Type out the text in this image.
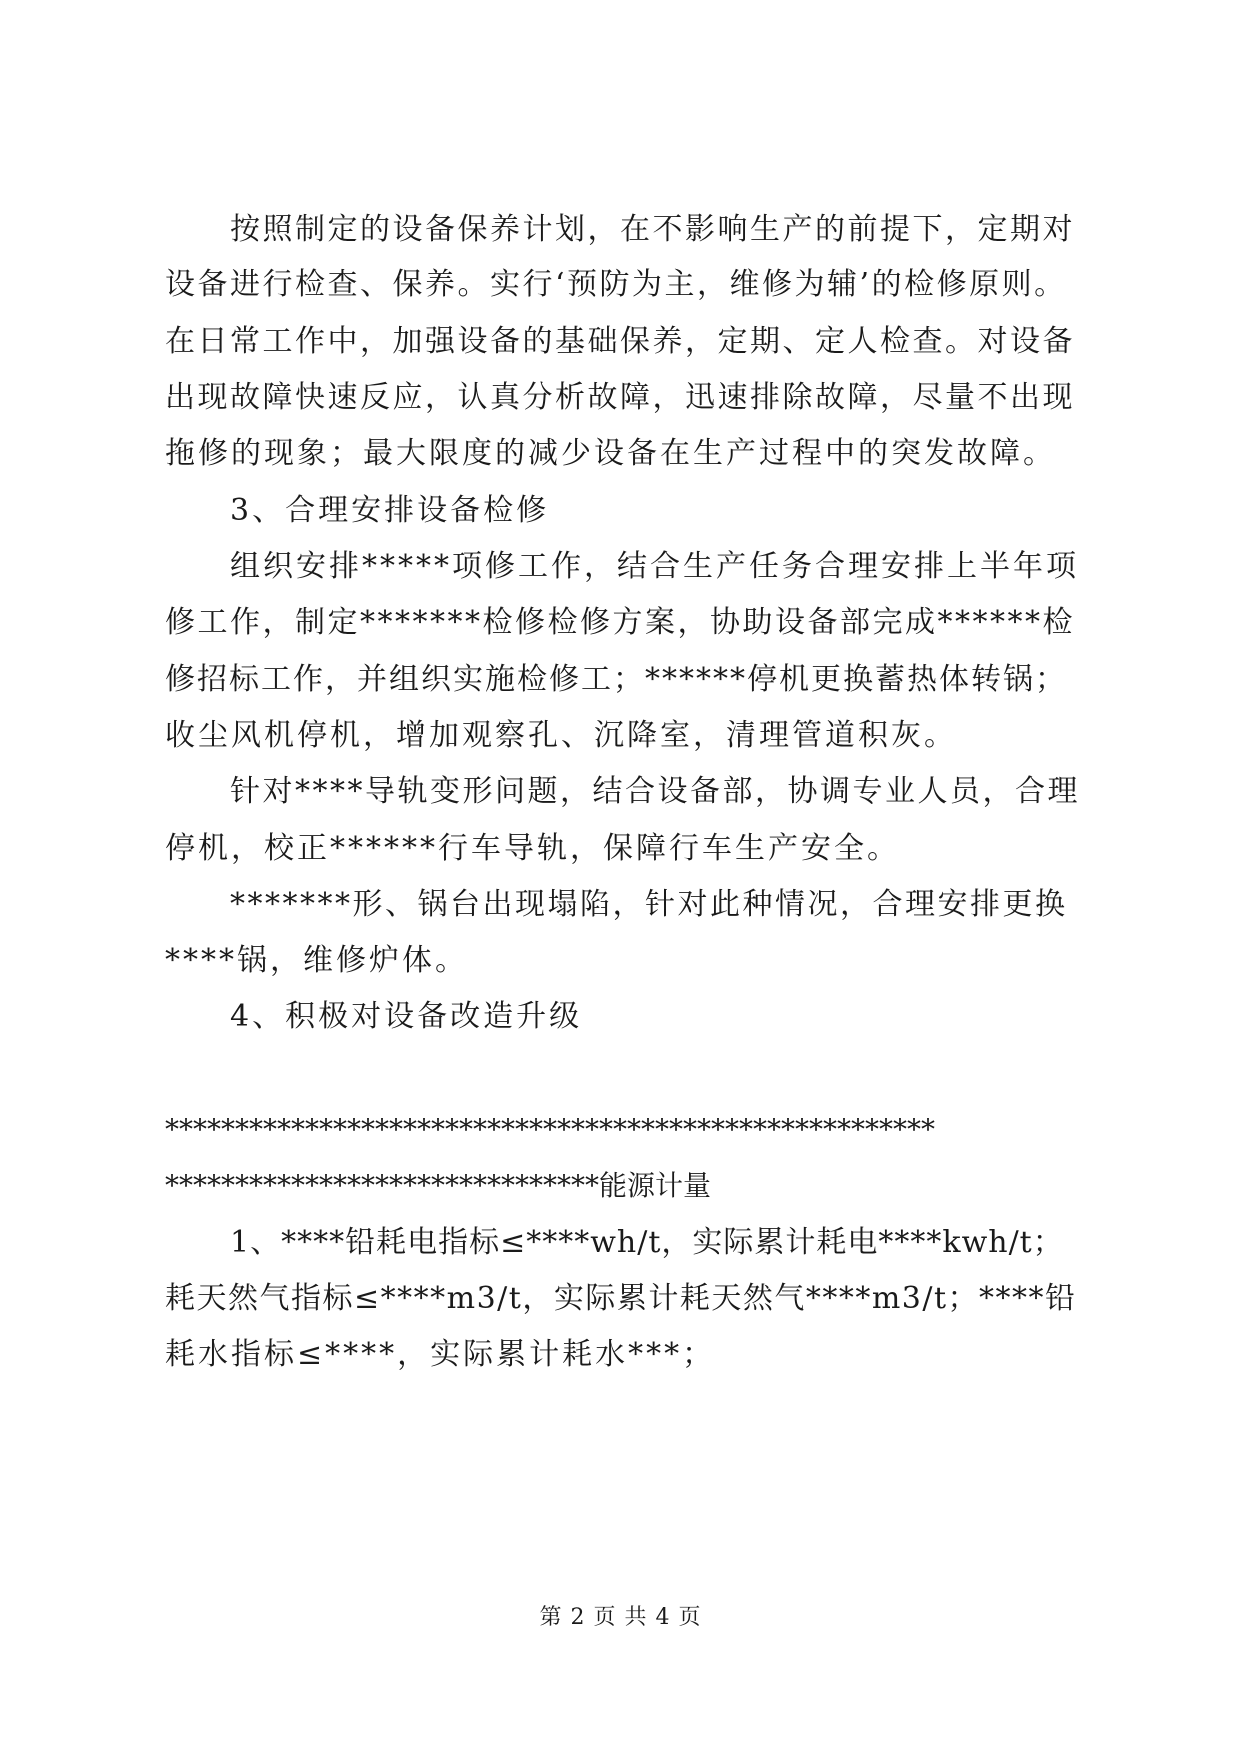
按照制定的设备保养计划，在不影响生产的前提下，定期对
设备进行检查、保养。实行‘预防为主，维修为辅’的检修原则。
在日常工作中，加强设备的基础保养，定期、定人检查。对设备
出现故障快速反应，认真分析故障，迅速排除故障，尽量不出现
拖修的现象；最大限度的减少设备在生产过程中的突发故障。
3、合理安排设备检修
组织安排*****项修工作，结合生产任务合理安排上半年项
修工作，制定*******检修检修方案，协助设备部完成******检
修招标工作，并组织实施检修工；******停机更换蓄热体转锅；
收尘风机停机，增加观察孔、沉降室，清理管道积灰。
针对****导轨变形问题，结合设备部，协调专业人员，合理
停机，校正******行车导轨，保障行车生产安全。
*******形、锅台出现塌陷，针对此种情况，合理安排更换
****锅，维修炉体。
4、积极对设备改造升级
*******************************************************
*******************************能源计量
1、****铅耗电指标≤****wh/t，实际累计耗电****kwh/t；
耗天然气指标≤****m3/t，实际累计耗天然气****m3/t；****铅
耗水指标≤****，实际累计耗水***；
第 2 页 共 4 页
